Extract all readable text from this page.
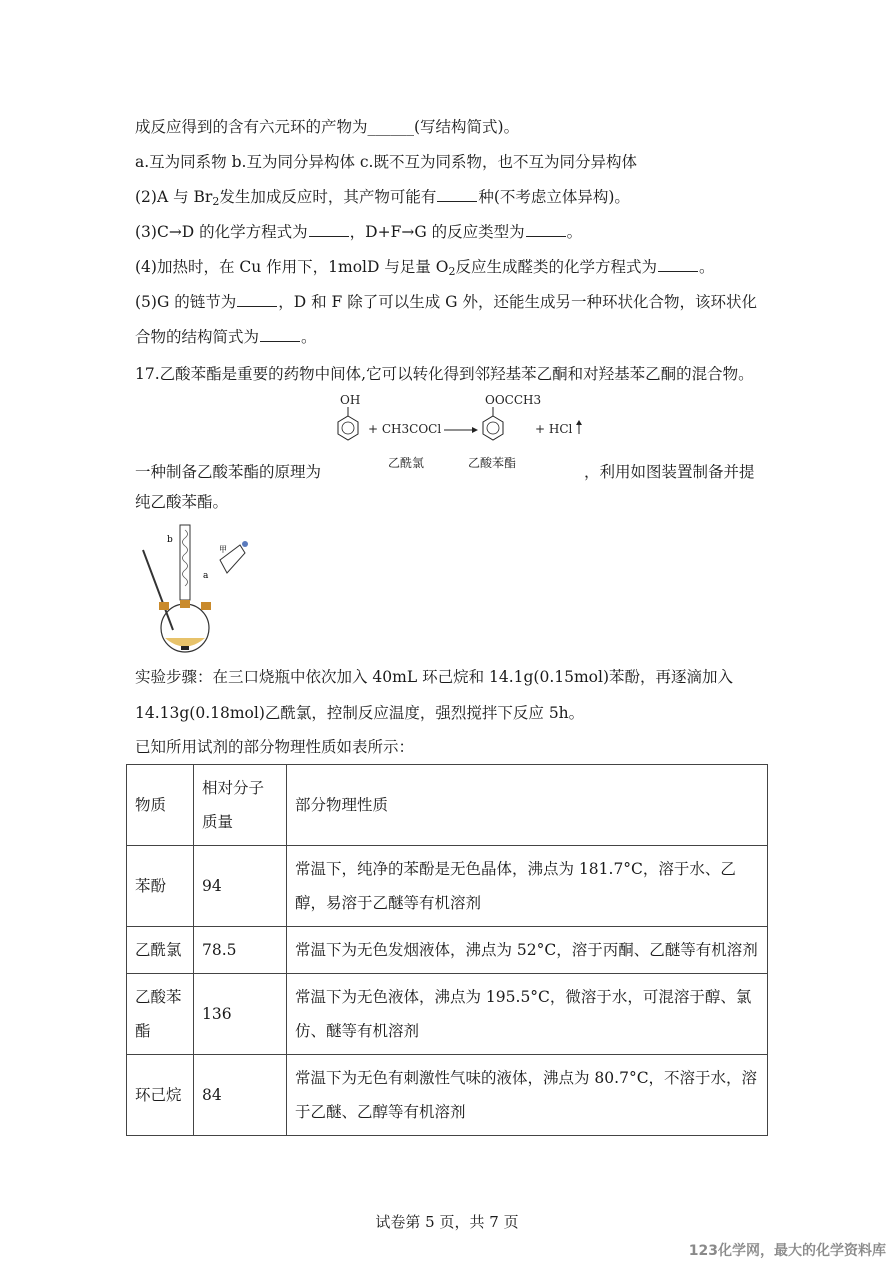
成反应得到的含有六元环的产物为______(写结构简式)。
a.互为同系物 b.互为同分异构体 c.既不互为同系物，也不互为同分异构体
(2)A 与 $Br_2$发生加成反应时，其产物可能有	种(不考虑立体异构)。
(3)C→D 的化学方程式为	，D+F→G 的反应类型为	。
(4)加热时，在 Cu 作用下，1molD 与足量 $O_2$反应生成醛类的化学方程式为	。
(5)G 的链节为	，D 和 F 除了可以生成 G 外，还能生成另一种环状化合物，该环状化
合物的结构简式为	。
17.乙酸苯酯是重要的药物中间体,它可以转化得到邻羟基苯乙酮和对羟基苯乙酮的混合物。
OH
+ CH3COCl
OOCCH3
+ HCl
乙酰氯	乙酸苯酯
一种制备乙酸苯酯的原理为	，利用如图装置制备并提
纯乙酸苯酯。
b
a
甲
实验步骤：在三口烧瓶中依次加入 40mL 环己烷和 14.1g(0.15mol)苯酚，再逐滴加入
14.13g(0.18mol)乙酰氯，控制反应温度，强烈搅拌下反应 5h。
已知所用试剂的部分物理性质如表所示：
物质	相对分子质量	部分物理性质
苯酚	94	常温下，纯净的苯酚是无色晶体，沸点为 181.7°C，溶于水、乙醇，易溶于乙醚等有机溶剂
乙酰氯	78.5	常温下为无色发烟液体，沸点为 52°C，溶于丙酮、乙醚等有机溶剂
乙酸苯酯	136	常温下为无色液体，沸点为 195.5°C，微溶于水，可混溶于醇、氯仿、醚等有机溶剂
环己烷	84	常温下为无色有刺激性气味的液体，沸点为 80.7°C，不溶于水，溶于乙醚、乙醇等有机溶剂
试卷第 5 页，共 7 页
123化学网，最大的化学资料库
